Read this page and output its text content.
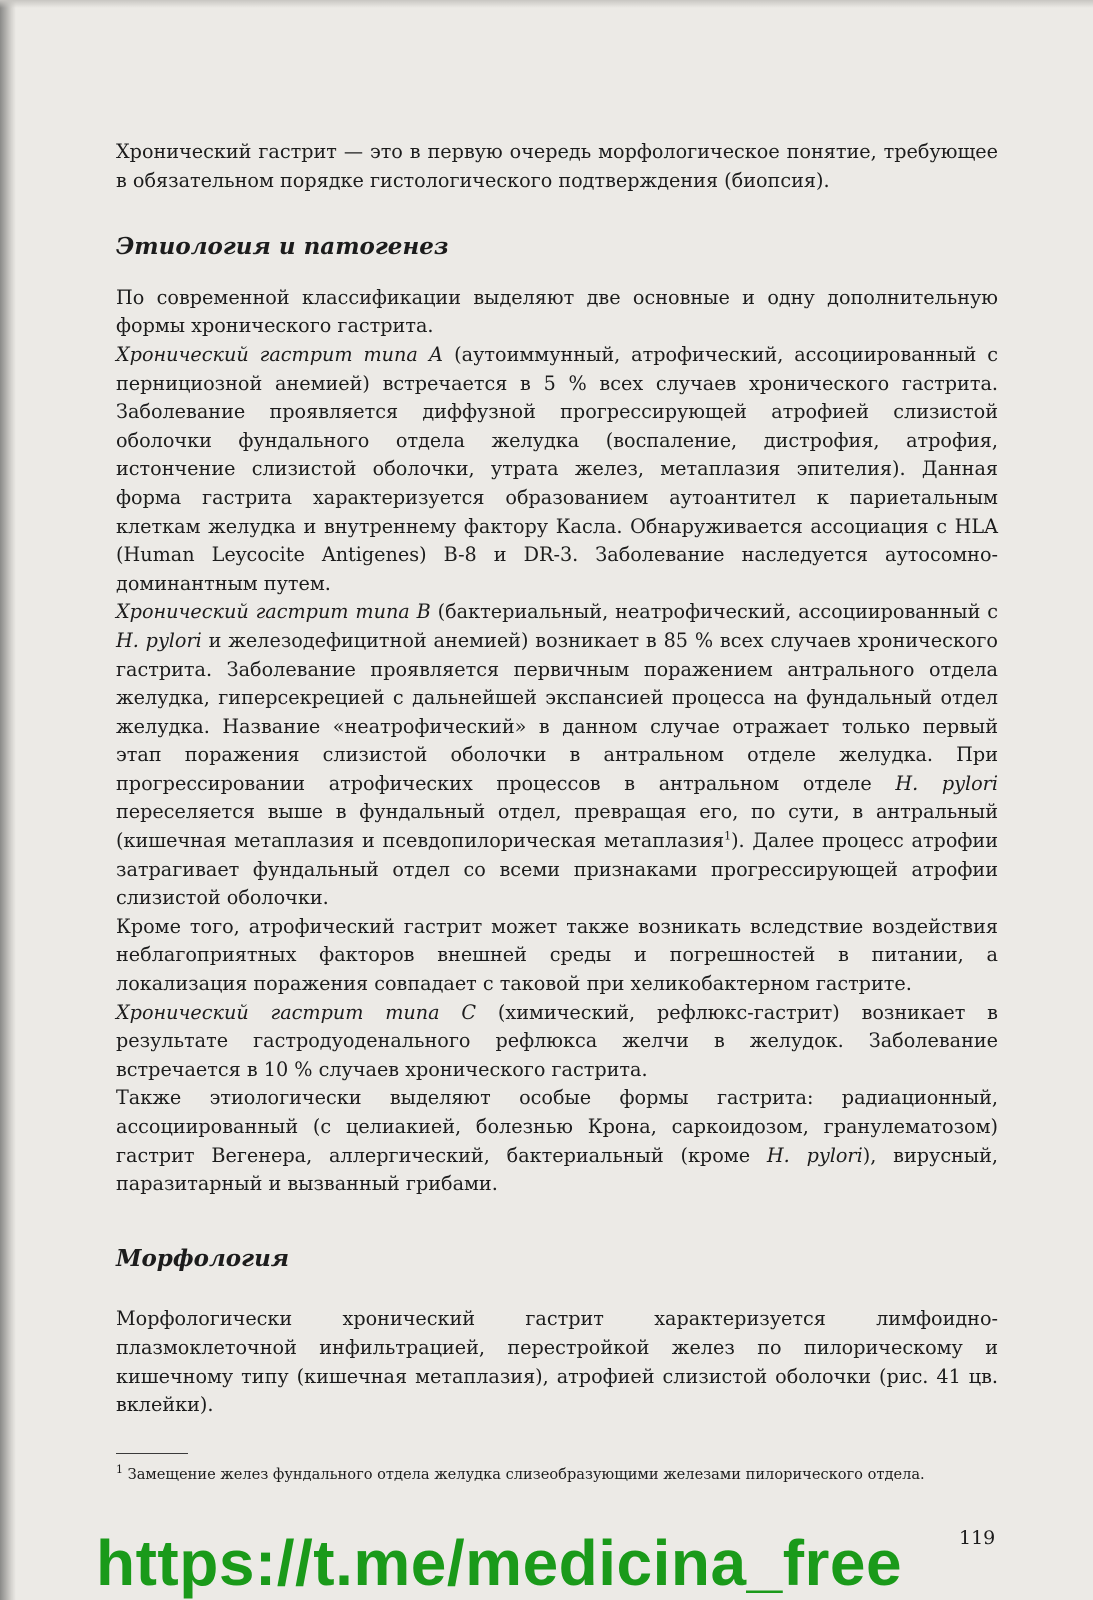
Хронический гастрит — это в первую очередь морфологическое понятие, требующее в обязательном порядке гистологического подтверждения (биопсия).

Этиология и патогенез

По современной классификации выделяют две основные и одну дополнительную формы хронического гастрита.

Хронический гастрит типа А (аутоиммунный, атрофический, ассоциированный с пернициозной анемией) встречается в 5 % всех случаев хронического гастрита. Заболевание проявляется диффузной прогрессирующей атрофией слизистой оболочки фундального отдела желудка (воспаление, дистрофия, атрофия, истончение слизистой оболочки, утрата желез, метаплазия эпителия). Данная форма гастрита характеризуется образованием аутоантител к париетальным клеткам желудка и внутреннему фактору Касла. Обнаруживается ассоциация с HLA (Human Leycocite Antigenes) B-8 и DR-3. Заболевание наследуется аутосомно-доминантным путем.

Хронический гастрит типа В (бактериальный, неатрофический, ассоциированный с H. pylori и железодефицитной анемией) возникает в 85 % всех случаев хронического гастрита. Заболевание проявляется первичным поражением антрального отдела желудка, гиперсекрецией с дальнейшей экспансией процесса на фундальный отдел желудка. Название «неатрофический» в данном случае отражает только первый этап поражения слизистой оболочки в антральном отделе желудка. При прогрессировании атрофических процессов в антральном отделе H. pylori переселяется выше в фундальный отдел, превращая его, по сути, в антральный (кишечная метаплазия и псевдопилорическая метаплазия$^1$). Далее процесс атрофии затрагивает фундальный отдел со всеми признаками прогрессирующей атрофии слизистой оболочки.

Кроме того, атрофический гастрит может также возникать вследствие воздействия неблагоприятных факторов внешней среды и погрешностей в питании, а локализация поражения совпадает с таковой при хеликобактерном гастрите.

Хронический гастрит типа С (химический, рефлюкс-гастрит) возникает в результате гастродуоденального рефлюкса желчи в желудок. Заболевание встречается в 10 % случаев хронического гастрита.

Также этиологически выделяют особые формы гастрита: радиационный, ассоциированный (с целиакией, болезнью Крона, саркоидозом, гранулематозом) гастрит Вегенера, аллергический, бактериальный (кроме H. pylori), вирусный, паразитарный и вызванный грибами.

Морфология

Морфологически хронический гастрит характеризуется лимфоидно-плазмоклеточной инфильтрацией, перестройкой желез по пилорическому и кишечному типу (кишечная метаплазия), атрофией слизистой оболочки (рис. 41 цв. вклейки).

$^1$ Замещение желез фундального отдела желудка слизеобразующими железами пилорического отдела.
119
https://t.me/medicina_free
